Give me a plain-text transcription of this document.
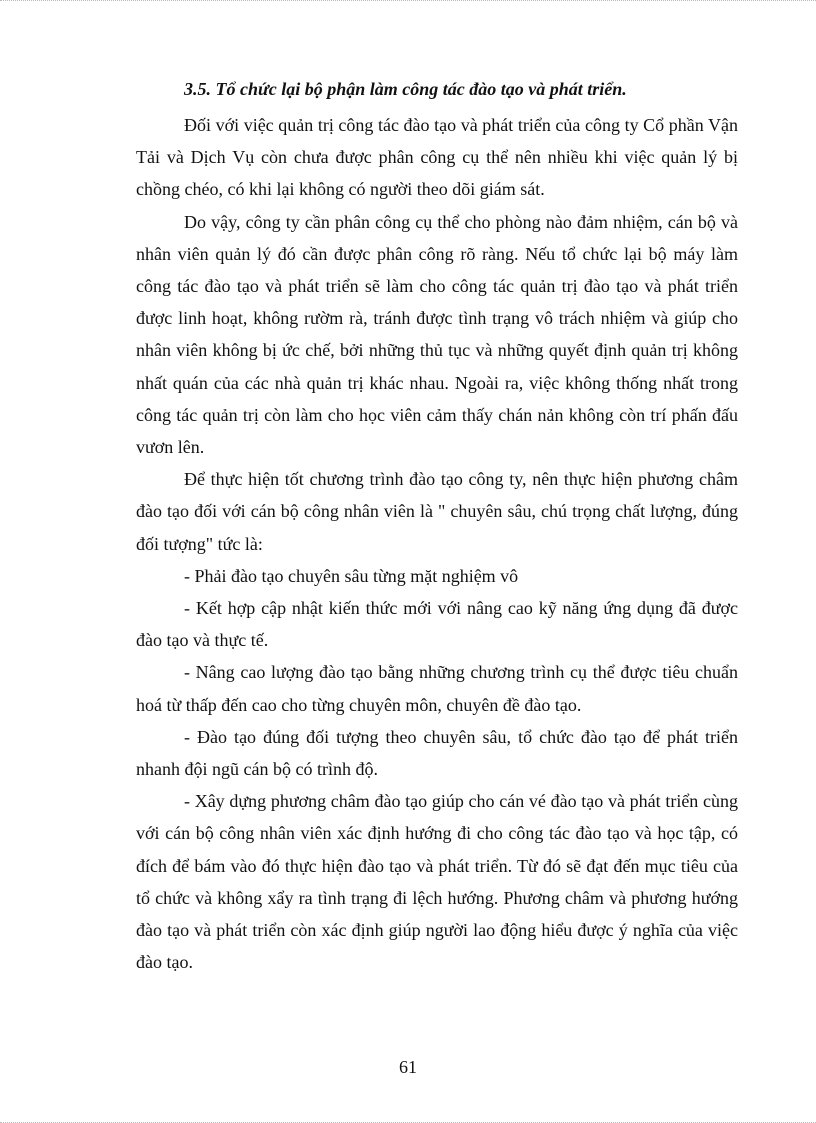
3.5. Tổ chức lại bộ phận làm công tác đào tạo và phát triển.

Đối với việc quản trị công tác đào tạo và phát triển của công ty Cổ phần Vận Tải và Dịch Vụ còn chưa được phân công cụ thể nên nhiều khi việc quản lý bị chồng chéo, có khi lại không có người theo dõi giám sát.

Do vậy, công ty cần phân công cụ thể cho phòng nào đảm nhiệm, cán bộ và nhân viên quản lý đó cần được phân công rõ ràng. Nếu tổ chức lại bộ máy làm công tác đào tạo và phát triển sẽ làm cho công tác quản trị đào tạo và phát triển được linh hoạt, không rườm rà, tránh được tình trạng vô trách nhiệm và giúp cho nhân viên không bị ức chế, bởi những thủ tục và những quyết định quản trị không nhất quán của các nhà quản trị khác nhau. Ngoài ra, việc không thống nhất trong công tác quản trị còn làm cho học viên cảm thấy chán nản không còn trí phấn đấu vươn lên.

Để thực hiện tốt chương trình đào tạo công ty, nên thực hiện phương châm đào tạo đối với cán bộ công nhân viên là " chuyên sâu, chú trọng chất lượng, đúng đối tượng" tức là:

- Phải đào tạo chuyên sâu từng mặt nghiệm vô

- Kết hợp cập nhật kiến thức mới với nâng cao kỹ năng ứng dụng đã được đào tạo và thực tế.

- Nâng cao lượng đào tạo bằng những chương trình cụ thể được tiêu chuẩn hoá từ thấp đến cao cho từng chuyên môn, chuyên đề đào tạo.

- Đào tạo đúng đối tượng theo chuyên sâu, tổ chức đào tạo để phát triển nhanh đội ngũ cán bộ có trình độ.

- Xây dựng phương châm đào tạo giúp cho cán vé đào tạo và phát triển cùng với cán bộ công nhân viên xác định hướng đi cho công tác đào tạo và học tập, có đích để bám vào đó thực hiện đào tạo và phát triển. Từ đó sẽ đạt đến mục tiêu của tổ chức và không xẩy ra tình trạng đi lệch hướng. Phương châm và phương hướng đào tạo và phát triển còn xác định giúp người lao động hiểu được ý nghĩa của việc đào tạo.

61
